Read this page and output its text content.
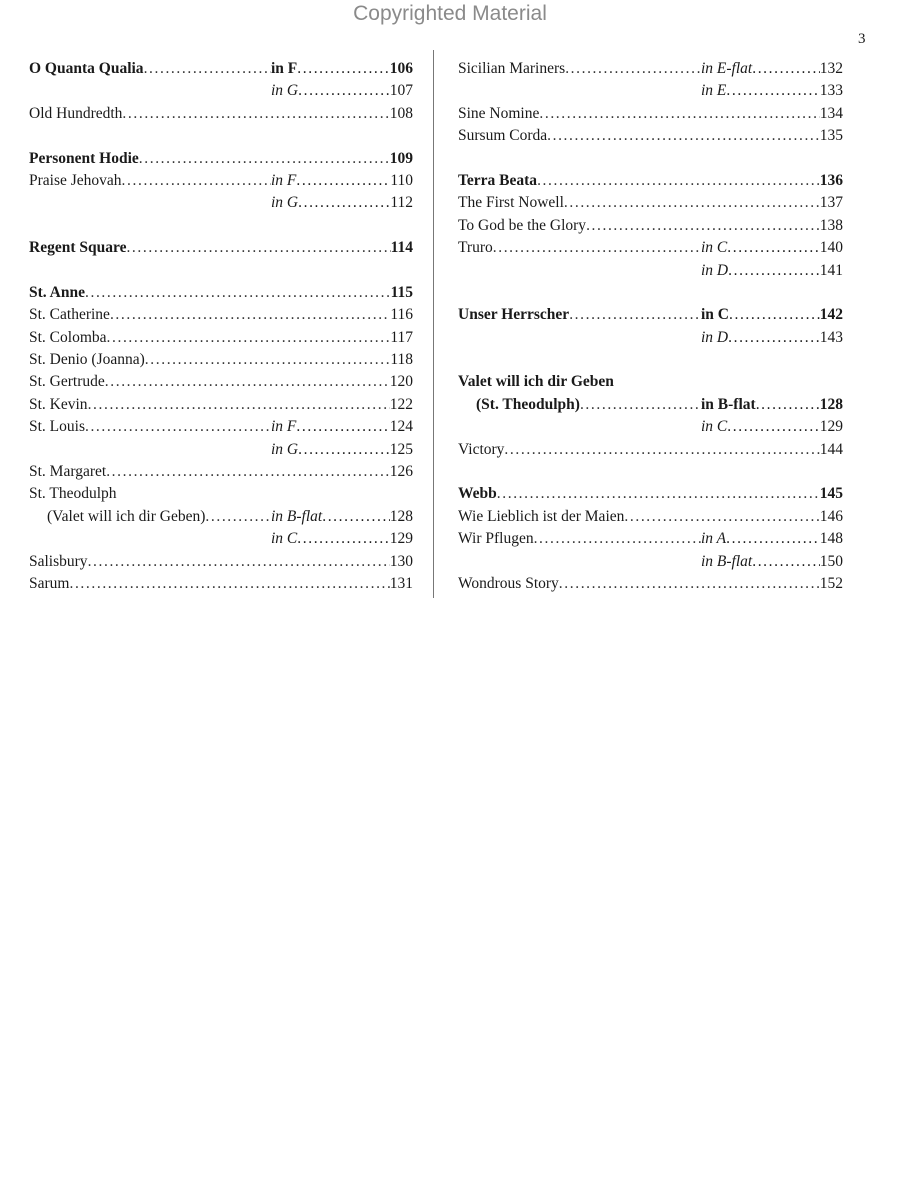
Copyrighted Material
3
O Quanta Qualia .....	in F .....	106
in G .....	107
Old Hundredth .....	108
Personent Hodie .....	109
Praise Jehovah .....	in F .....	110
in G .....	112
Regent Square .....	114
St. Anne .....	115
St. Catherine .....	116
St. Colomba .....	117
St. Denio (Joanna) .....	118
St. Gertrude .....	120
St. Kevin .....	122
St. Louis .....	in F .....	124
in G .....	125
St. Margaret .....	126
St. Theodulph
(Valet will ich dir Geben) .....	in B-flat .....	128
in C .....	129
Salisbury .....	130
Sarum .....	131
Sicilian Mariners .....	in E-flat .....	132
in E .....	133
Sine Nomine .....	134
Sursum Corda .....	135
Terra Beata .....	136
The First Nowell .....	137
To God be the Glory .....	138
Truro .....	in C .....	140
in D .....	141
Unser Herrscher .....	in C .....	142
in D .....	143
Valet will ich dir Geben
(St. Theodulph) .....	in B-flat .....	128
in C .....	129
Victory .....	144
Webb .....	145
Wie Lieblich ist der Maien .....	146
Wir Pflugen .....	in A .....	148
in B-flat .....	150
Wondrous Story .....	152
